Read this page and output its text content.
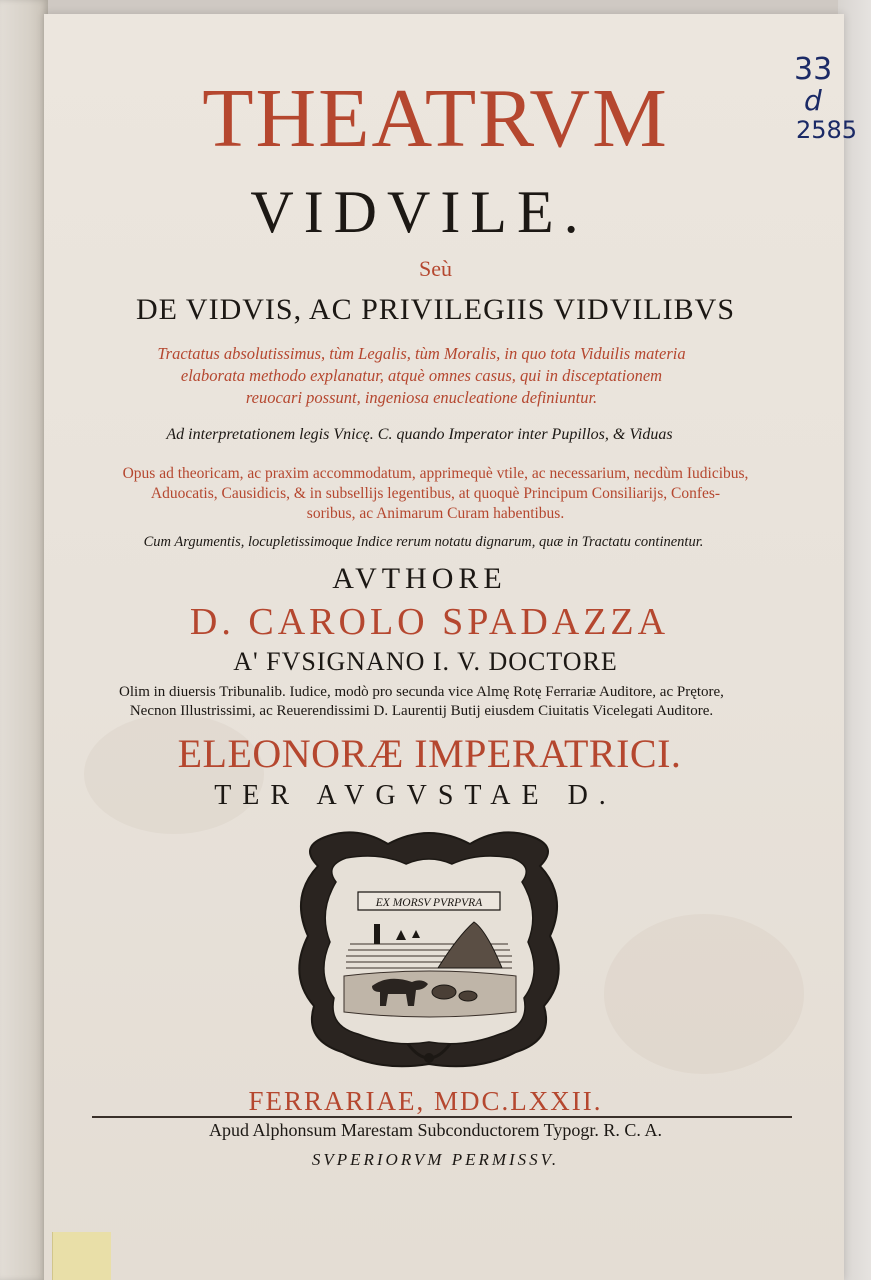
33
d
2585
THEATRVM
VIDVILE.
Seù
DE VIDVIS, AC PRIVILEGIIS VIDVILIBVS
Tractatus absolutissimus, tùm Legalis, tùm Moralis, in quo tota Viduilis materia
elaborata methodo explanatur, atquè omnes casus, qui in disceptationem
reuocari possunt, ingeniosa enucleatione definiuntur.
Ad interpretationem legis Vnicę. C. quando Imperator inter Pupillos, & Viduas
Opus ad theoricam, ac praxim accommodatum, apprimequè vtile, ac necessarium, necdùm Iudicibus,
Aduocatis, Causidicis, & in subsellijs legentibus, at quoquè Principum Consiliarijs, Confes-
soribus, ac Animarum Curam habentibus.
Cum Argumentis, locupletissimoque Indice rerum notatu dignarum, quæ in Tractatu continentur.
AVTHORE
D. CAROLO SPADAZZA
A' FVSIGNANO I. V. DOCTORE
Olim in diuersis Tribunalib. Iudice, modò pro secunda vice Almę Rotę Ferrariæ Auditore, ac Prętore,
Necnon Illustrissimi, ac Reuerendissimi D. Laurentij Butij eiusdem Ciuitatis Vicelegati Auditore.
ELEONORÆ IMPERATRICI.
TER AVGVSTAE D.
EX MORSV PVRPVRA
FERRARIAE, MDC.LXXII.
Apud Alphonsum Marestam Subconductorem Typogr. R. C. A.
SVPERIORVM PERMISSV.
